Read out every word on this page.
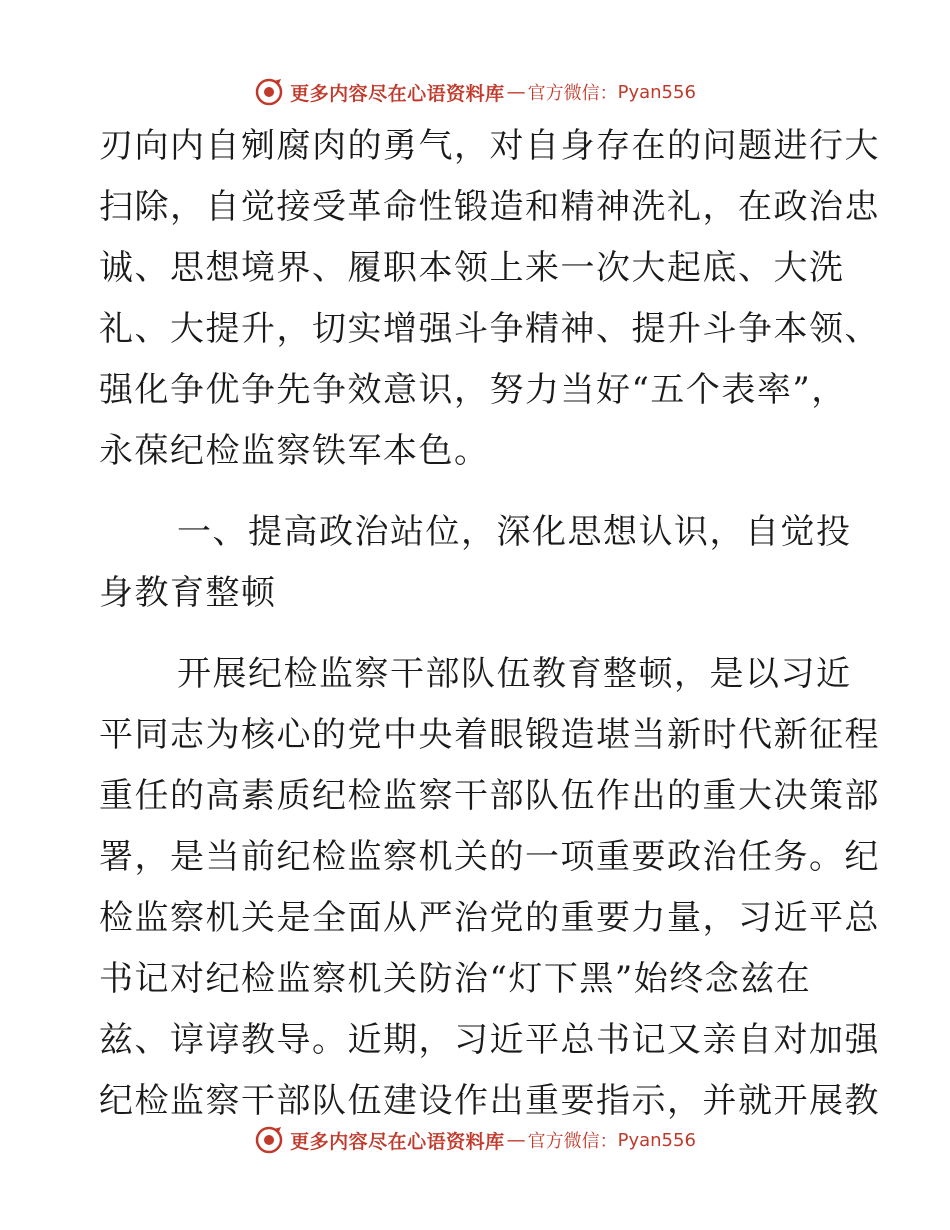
更多内容尽在心语资料库 — 官方微信： Pyan556
刃向内自剜腐肉的勇气，对自身存在的问题进行大
扫除，自觉接受革命性锻造和精神洗礼，在政治忠
诚、思想境界、履职本领上来一次大起底、大洗
礼、大提升，切实增强斗争精神、提升斗争本领、
强化争优争先争效意识，努力当好“五个表率”，
永葆纪检监察铁军本色。
一、提高政治站位，深化思想认识，自觉投
身教育整顿
开展纪检监察干部队伍教育整顿，是以习近
平同志为核心的党中央着眼锻造堪当新时代新征程
重任的高素质纪检监察干部队伍作出的重大决策部
署，是当前纪检监察机关的一项重要政治任务。纪
检监察机关是全面从严治党的重要力量，习近平总
书记对纪检监察机关防治“灯下黑”始终念兹在
兹、谆谆教导。近期，习近平总书记又亲自对加强
纪检监察干部队伍建设作出重要指示，并就开展教
更多内容尽在心语资料库 — 官方微信： Pyan556
